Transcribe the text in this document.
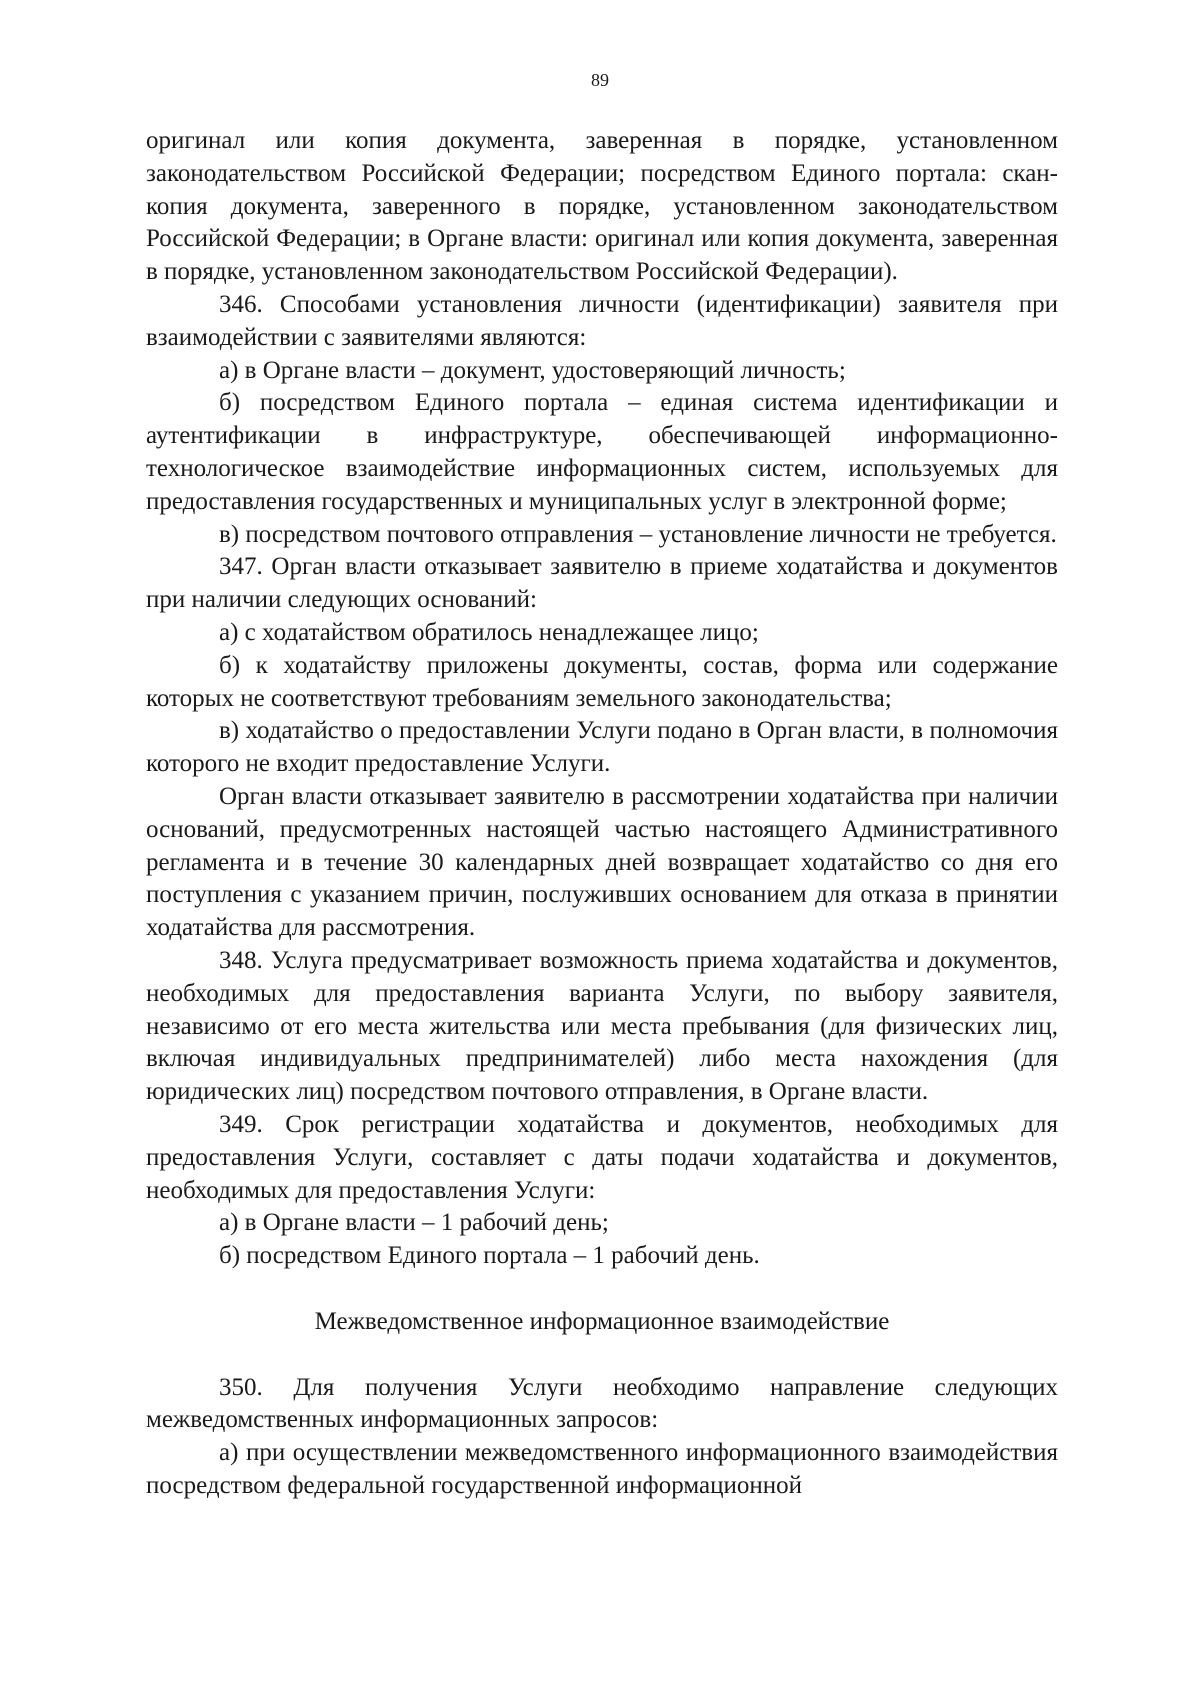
89

оригинал или копия документа, заверенная в порядке, установленном законодательством Российской Федерации; посредством Единого портала: скан-копия документа, заверенного в порядке, установленном законодательством Российской Федерации; в Органе власти: оригинал или копия документа, заверенная в порядке, установленном законодательством Российской Федерации).

346. Способами установления личности (идентификации) заявителя при взаимодействии с заявителями являются:

а) в Органе власти – документ, удостоверяющий личность;

б) посредством Единого портала – единая система идентификации и аутентификации в инфраструктуре, обеспечивающей информационно-технологическое взаимодействие информационных систем, используемых для предоставления государственных и муниципальных услуг в электронной форме;

в) посредством почтового отправления – установление личности не требуется.

347. Орган власти отказывает заявителю в приеме ходатайства и документов при наличии следующих оснований:

а) с ходатайством обратилось ненадлежащее лицо;

б) к ходатайству приложены документы, состав, форма или содержание которых не соответствуют требованиям земельного законодательства;

в) ходатайство о предоставлении Услуги подано в Орган власти, в полномочия которого не входит предоставление Услуги.

Орган власти отказывает заявителю в рассмотрении ходатайства при наличии оснований, предусмотренных настоящей частью настоящего Административного регламента и в течение 30 календарных дней возвращает ходатайство со дня его поступления с указанием причин, послуживших основанием для отказа в принятии ходатайства для рассмотрения.

348. Услуга предусматривает возможность приема ходатайства и документов, необходимых для предоставления варианта Услуги, по выбору заявителя, независимо от его места жительства или места пребывания (для физических лиц, включая индивидуальных предпринимателей) либо места нахождения (для юридических лиц) посредством почтового отправления, в Органе власти.

349. Срок регистрации ходатайства и документов, необходимых для предоставления Услуги, составляет с даты подачи ходатайства и документов, необходимых для предоставления Услуги:

а) в Органе власти – 1 рабочий день;

б) посредством Единого портала – 1 рабочий день.

Межведомственное информационное взаимодействие

350. Для получения Услуги необходимо направление следующих межведомственных информационных запросов:

а) при осуществлении межведомственного информационного взаимодействия посредством федеральной государственной информационной
